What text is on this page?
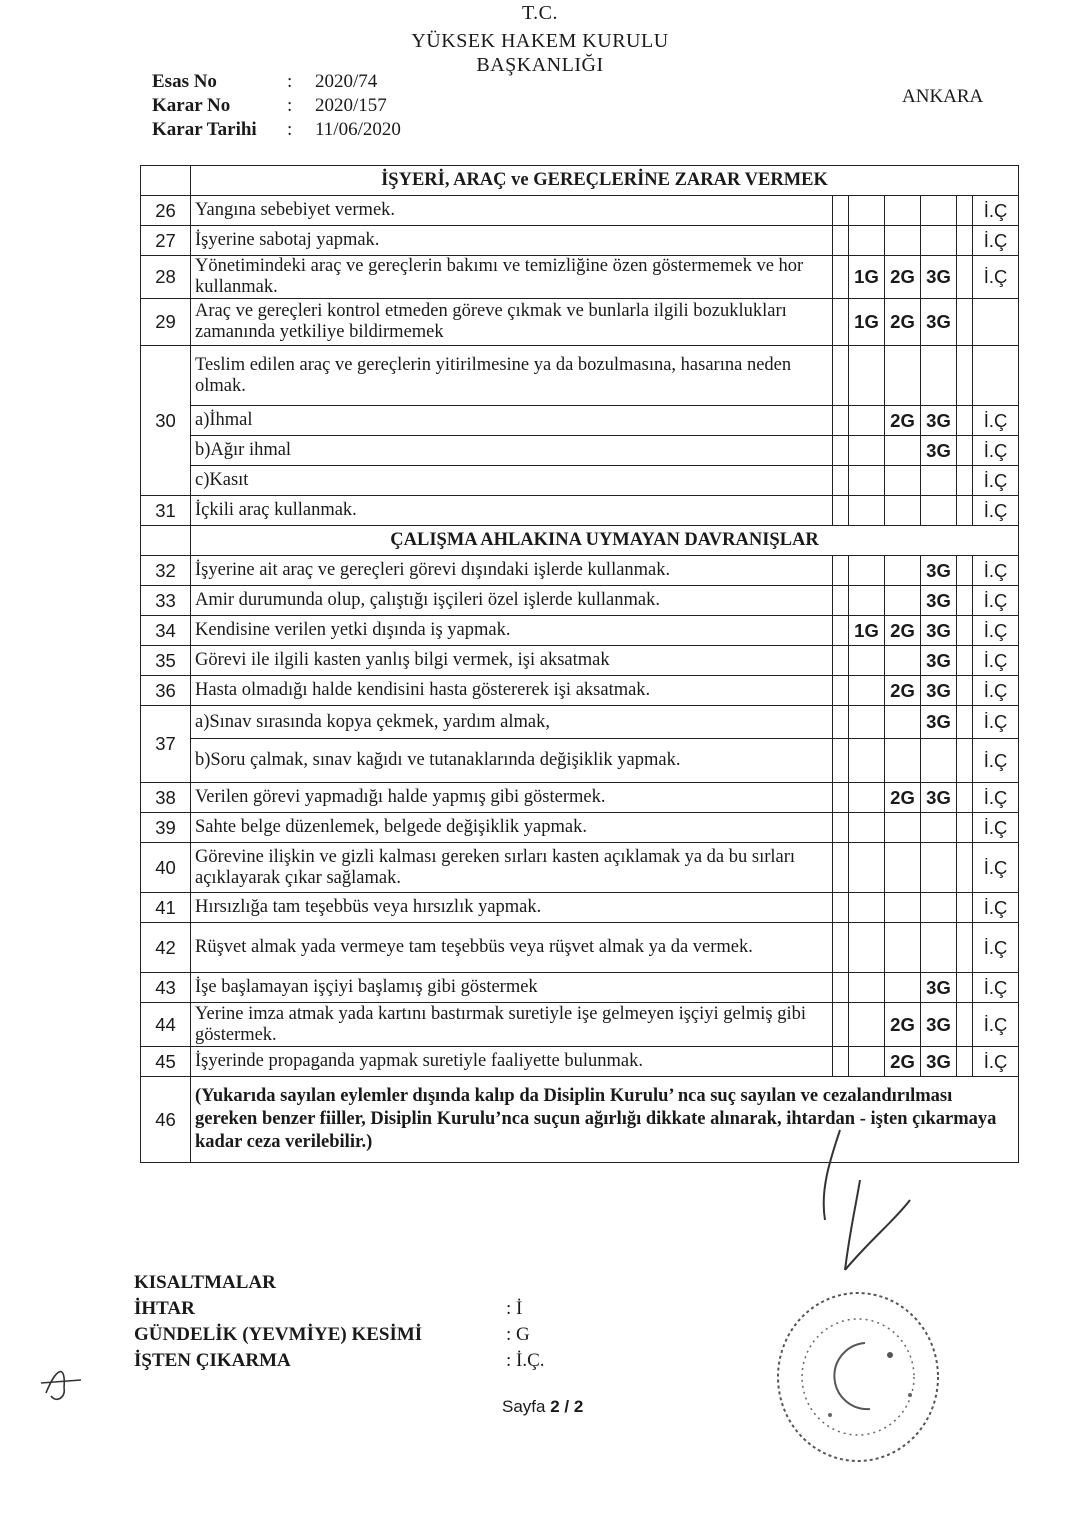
T.C.
YÜKSEK HAKEM KURULU
BAŞKANLIĞI
Esas No	:	2020/74
Karar No	:	2020/157
Karar Tarihi	:	11/06/2020
ANKARA
	İŞYERİ, ARAÇ ve GEREÇLERİNE ZARAR VERMEK						
26	Yangına sebebiyet vermek.						İ.Ç
27	İşyerine sabotaj yapmak.						İ.Ç
28	Yönetimindeki araç ve gereçlerin bakımı ve temizliğine özen göstermemek ve hor kullanmak.		1G	2G	3G		İ.Ç
29	Araç ve gereçleri kontrol etmeden göreve çıkmak ve bunlarla ilgili bozuklukları zamanında yetkiliye bildirmemek		1G	2G	3G		
30	Teslim edilen araç ve gereçlerin yitirilmesine ya da bozulmasına, hasarına neden olmak.						
	a)İhmal			2G	3G		İ.Ç
	b)Ağır ihmal				3G		İ.Ç
	c)Kasıt						İ.Ç
31	İçkili araç kullanmak.						İ.Ç
	ÇALIŞMA AHLAKINA UYMAYAN DAVRANIŞLAR						
32	İşyerine ait araç ve gereçleri görevi dışındaki işlerde kullanmak.				3G		İ.Ç
33	Amir durumunda olup, çalıştığı işçileri özel işlerde kullanmak.				3G		İ.Ç
34	Kendisine verilen yetki dışında iş yapmak.		1G	2G	3G		İ.Ç
35	Görevi ile ilgili kasten yanlış bilgi vermek, işi aksatmak				3G		İ.Ç
36	Hasta olmadığı halde kendisini hasta göstererek işi aksatmak.			2G	3G		İ.Ç
37	a)Sınav sırasında kopya çekmek, yardım almak,				3G		İ.Ç
	b)Soru çalmak, sınav kağıdı ve tutanaklarında değişiklik yapmak.						İ.Ç
38	Verilen görevi yapmadığı halde yapmış gibi göstermek.			2G	3G		İ.Ç
39	Sahte belge düzenlemek, belgede değişiklik yapmak.						İ.Ç
40	Görevine ilişkin ve gizli kalması gereken sırları kasten açıklamak ya da bu sırları açıklayarak çıkar sağlamak.						İ.Ç
41	Hırsızlığa tam teşebbüs veya hırsızlık yapmak.						İ.Ç
42	Rüşvet almak yada vermeye tam teşebbüs veya rüşvet almak ya da vermek.						İ.Ç
43	İşe başlamayan işçiyi başlamış gibi göstermek				3G		İ.Ç
44	Yerine imza atmak yada kartını bastırmak suretiyle işe gelmeyen işçiyi gelmiş gibi göstermek.			2G	3G		İ.Ç
45	İşyerinde propaganda yapmak suretiyle faaliyette bulunmak.			2G	3G		İ.Ç
46	(Yukarıda sayılan eylemler dışında kalıp da Disiplin Kurulu’ nca suç sayılan ve cezalandırılması gereken benzer fiiller, Disiplin Kurulu’nca suçun ağırlığı dikkate alınarak, ihtardan - işten çıkarmaya kadar ceza verilebilir.)						
KISALTMALAR
İHTAR	: İ
GÜNDELİK (YEVMİYE) KESİMİ	: G
İŞTEN ÇIKARMA	: İ.Ç.
Sayfa 2 / 2
